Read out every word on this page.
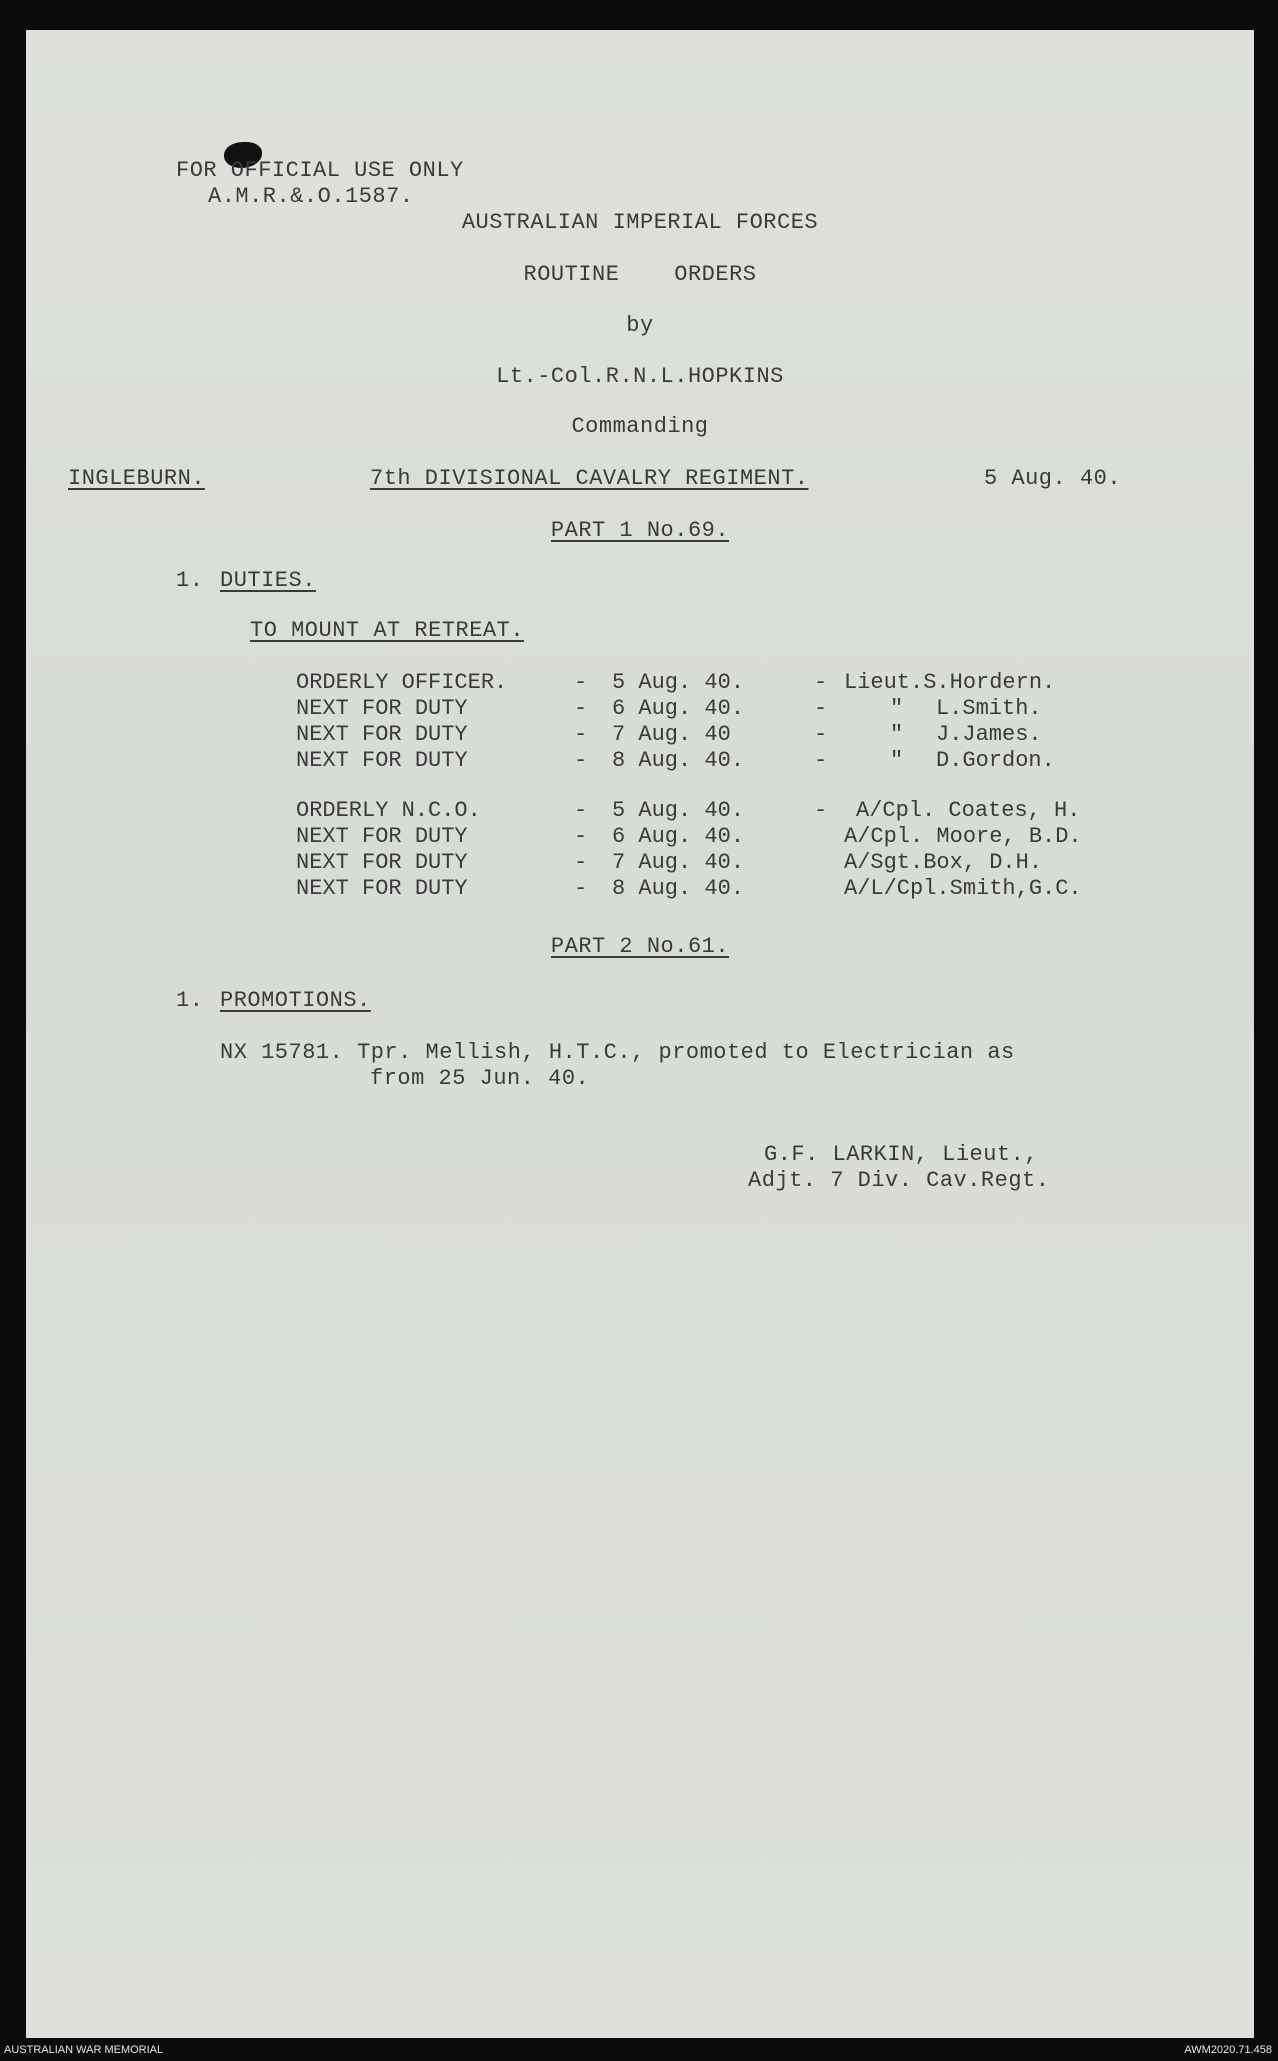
FOR OFFICIAL USE ONLY
A.M.R.&.O.1587.
AUSTRALIAN IMPERIAL FORCES
ROUTINE    ORDERS
by
Lt.-Col.R.N.L.HOPKINS
Commanding
INGLEBURN.	7th DIVISIONAL CAVALRY REGIMENT.	5 Aug. 40.
PART 1 No.69.
1. DUTIES.
TO MOUNT AT RETREAT.
ORDERLY OFFICER.	- 5 Aug. 40.	- Lieut.S.Hordern.
NEXT FOR DUTY	- 6 Aug. 40.	-	" L.Smith.
NEXT FOR DUTY	- 7 Aug. 40	-	" J.James.
NEXT FOR DUTY	- 8 Aug. 40.	-	" D.Gordon.
ORDERLY N.C.O.	- 5 Aug. 40.	- A/Cpl. Coates, H.
NEXT FOR DUTY	- 6 Aug. 40.	A/Cpl. Moore, B.D.
NEXT FOR DUTY	- 7 Aug. 40.	A/Sgt.Box, D.H.
NEXT FOR DUTY	- 8 Aug. 40.	A/L/Cpl.Smith,G.C.
PART 2 No.61.
1. PROMOTIONS.
NX 15781. Tpr. Mellish, H.T.C., promoted to Electrician as
from 25 Jun. 40.
G.F. LARKIN, Lieut.,
Adjt. 7 Div. Cav.Regt.
AUSTRALIAN WAR MEMORIAL	AWM2020.71.458
